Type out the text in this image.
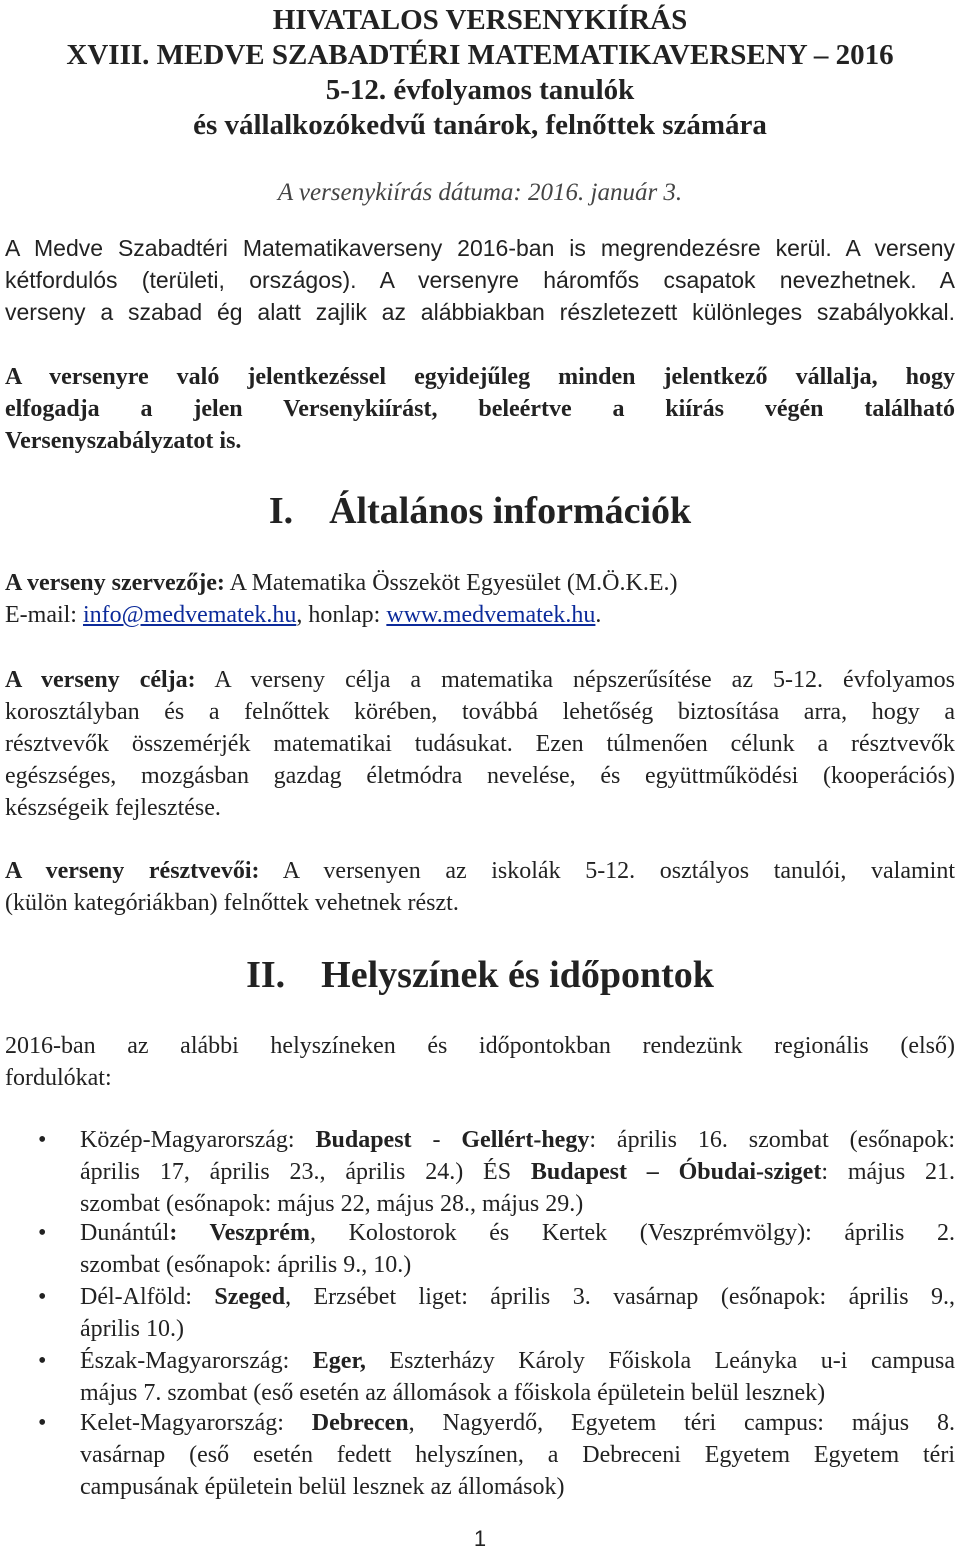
HIVATALOS VERSENYKIÍRÁS
XVIII. MEDVE SZABADTÉRI MATEMATIKAVERSENY – 2016
5-12. évfolyamos tanulók
és vállalkozókedvű tanárok, felnőttek számára
A versenykiírás dátuma: 2016. január 3.
A Medve Szabadtéri Matematikaverseny 2016-ban is megrendezésre kerül. A verseny
kétfordulós (területi, országos). A versenyre háromfős csapatok nevezhetnek. A
verseny a szabad ég alatt zajlik az alábbiakban részletezett különleges szabályokkal.
A versenyre való jelentkezéssel egyidejűleg minden jelentkező vállalja, hogy
elfogadja a jelen Versenykiírást, beleértve a kiírás végén található
Versenyszabályzatot is.
I. Általános információk
A verseny szervezője: A Matematika Összeköt Egyesület (M.Ö.K.E.)
E-mail: info@medvematek.hu, honlap: www.medvematek.hu.
A verseny célja: A verseny célja a matematika népszerűsítése az 5-12. évfolyamos
korosztályban és a felnőttek körében, továbbá lehetőség biztosítása arra, hogy a
résztvevők összemérjék matematikai tudásukat. Ezen túlmenően célunk a résztvevők
egészséges, mozgásban gazdag életmódra nevelése, és együttműködési (kooperációs)
készségeik fejlesztése.
A verseny résztvevői: A versenyen az iskolák 5-12. osztályos tanulói, valamint
(külön kategóriákban) felnőttek vehetnek részt.
II. Helyszínek és időpontok
2016-ban az alábbi helyszíneken és időpontokban rendezünk regionális (első)
fordulókat:
• Közép-Magyarország: Budapest - Gellért-hegy: április 16. szombat (esőnapok:
április 17, április 23., április 24.) ÉS Budapest – Óbudai-sziget: május 21.
szombat (esőnapok: május 22, május 28., május 29.)
• Dunántúl: Veszprém, Kolostorok és Kertek (Veszprémvölgy): április 2.
szombat (esőnapok: április 9., 10.)
• Dél-Alföld: Szeged, Erzsébet liget: április 3. vasárnap (esőnapok: április 9.,
április 10.)
• Észak-Magyarország: Eger, Eszterházy Károly Főiskola Leányka u-i campusa
május 7. szombat (eső esetén az állomások a főiskola épületein belül lesznek)
• Kelet-Magyarország: Debrecen, Nagyerdő, Egyetem téri campus: május 8.
vasárnap (eső esetén fedett helyszínen, a Debreceni Egyetem Egyetem téri
campusának épületein belül lesznek az állomások)
1
